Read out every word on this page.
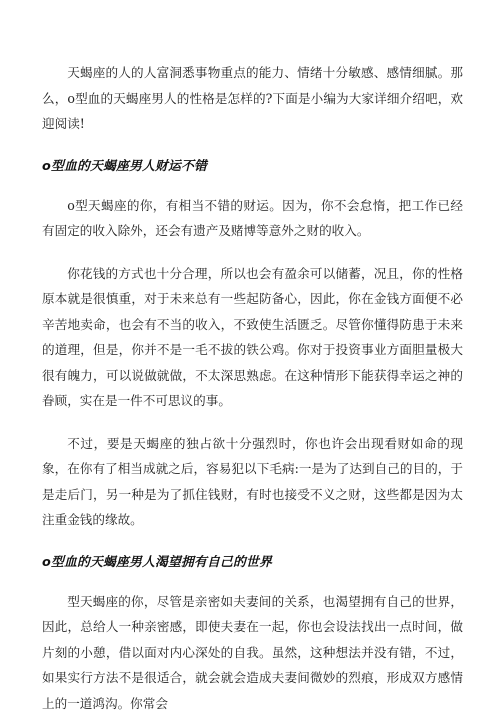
天蝎座的人的人富洞悉事物重点的能力、情绪十分敏感、感情细腻。那么，o型血的天蝎座男人的性格是怎样的?下面是小编为大家详细介绍吧，欢迎阅读!

o型血的天蝎座男人财运不错

o型天蝎座的你，有相当不错的财运。因为，你不会怠惰，把工作已经有固定的收入除外，还会有遗产及赌博等意外之财的收入。

你花钱的方式也十分合理，所以也会有盈余可以储蓄，况且，你的性格原本就是很慎重，对于未来总有一些起防备心，因此，你在金钱方面便不必辛苦地卖命，也会有不当的收入，不致使生活匮乏。尽管你懂得防患于未来的道理，但是，你并不是一毛不拔的铁公鸡。你对于投资事业方面胆量极大很有魄力，可以说做就做，不太深思熟虑。在这种情形下能获得幸运之神的眷顾，实在是一件不可思议的事。

不过，要是天蝎座的独占欲十分强烈时，你也许会出现看财如命的现象，在你有了相当成就之后，容易犯以下毛病:一是为了达到自己的目的，于是走后门，另一种是为了抓住钱财，有时也接受不义之财，这些都是因为太注重金钱的缘故。

o型血的天蝎座男人渴望拥有自己的世界

型天蝎座的你，尽管是亲密如夫妻间的关系，也渴望拥有自己的世界，因此，总给人一种亲密感，即使夫妻在一起，你也会设法找出一点时间，做片刻的小憩，借以面对内心深处的自我。虽然，这种想法并没有错，不过，如果实行方法不是很适合，就会就会造成夫妻间微妙的烈痕，形成双方感情上的一道鸿沟。你常会
